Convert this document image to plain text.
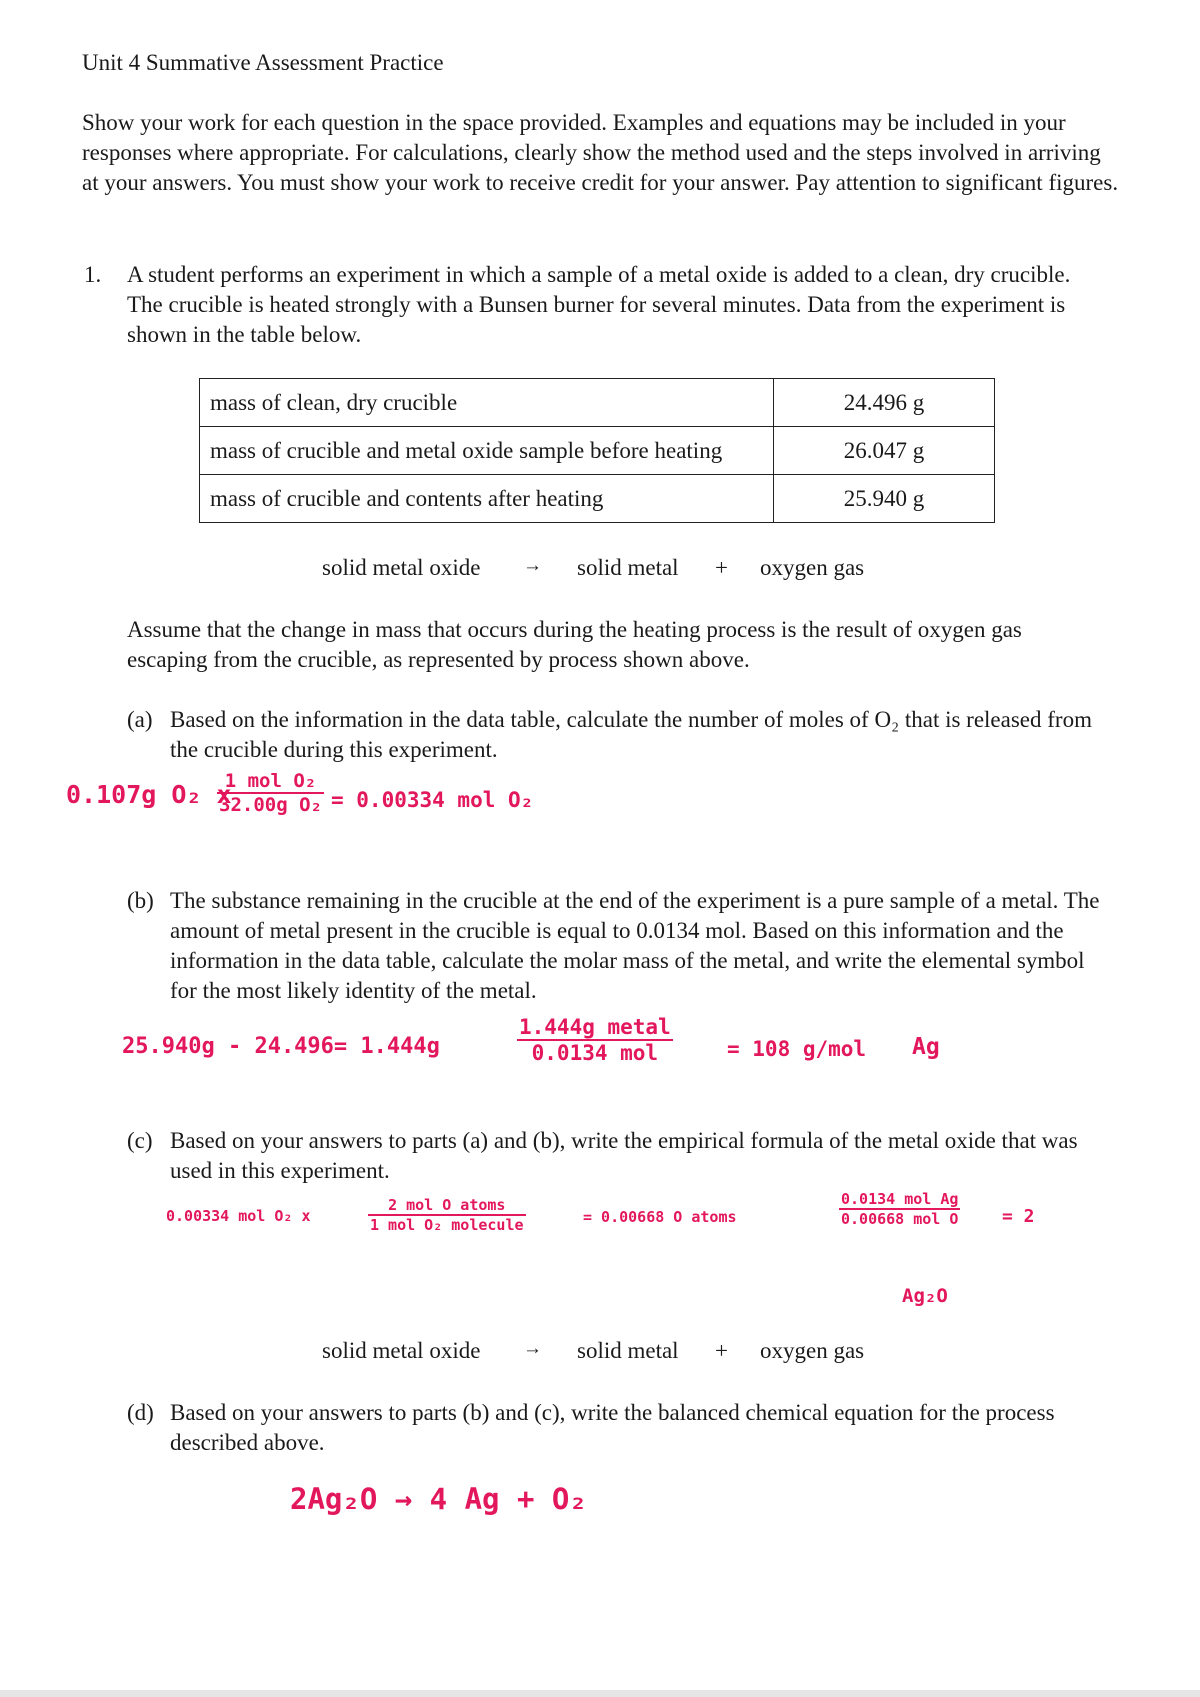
Unit 4 Summative Assessment Practice
Show your work for each question in the space provided. Examples and equations may be included in your responses where appropriate. For calculations, clearly show the method used and the steps involved in arriving at your answers. You must show your work to receive credit for your answer. Pay attention to significant figures.
1. A student performs an experiment in which a sample of a metal oxide is added to a clean, dry crucible. The crucible is heated strongly with a Bunsen burner for several minutes. Data from the experiment is shown in the table below.
mass of clean, dry crucible	24.496 g
mass of crucible and metal oxide sample before heating	26.047 g
mass of crucible and contents after heating	25.940 g
solid metal oxide → solid metal + oxygen gas
Assume that the change in mass that occurs during the heating process is the result of oxygen gas escaping from the crucible, as represented by process shown above.
(a) Based on the information in the data table, calculate the number of moles of O₂ that is released from the crucible during this experiment.
0.107g O₂ x
1 mol O₂
32.00g O₂ = 0.00334 mol O₂
(b) The substance remaining in the crucible at the end of the experiment is a pure sample of a metal. The amount of metal present in the crucible is equal to 0.0134 mol. Based on this information and the information in the data table, calculate the molar mass of the metal, and write the elemental symbol for the most likely identity of the metal.
25.940g - 24.496= 1.444g
1.444g metal
0.0134 mol	= 108 g/mol Ag
(c) Based on your answers to parts (a) and (b), write the empirical formula of the metal oxide that was used in this experiment.
0.00334 mol O₂ x
2 mol O atoms
1 mol O₂ molecule	= 0.00668 O atoms
0.0134 mol Ag
0.00668 mol O = 2
Ag₂O
solid metal oxide → solid metal + oxygen gas
(d) Based on your answers to parts (b) and (c), write the balanced chemical equation for the process described above.
2Ag₂O → 4 Ag + O₂
